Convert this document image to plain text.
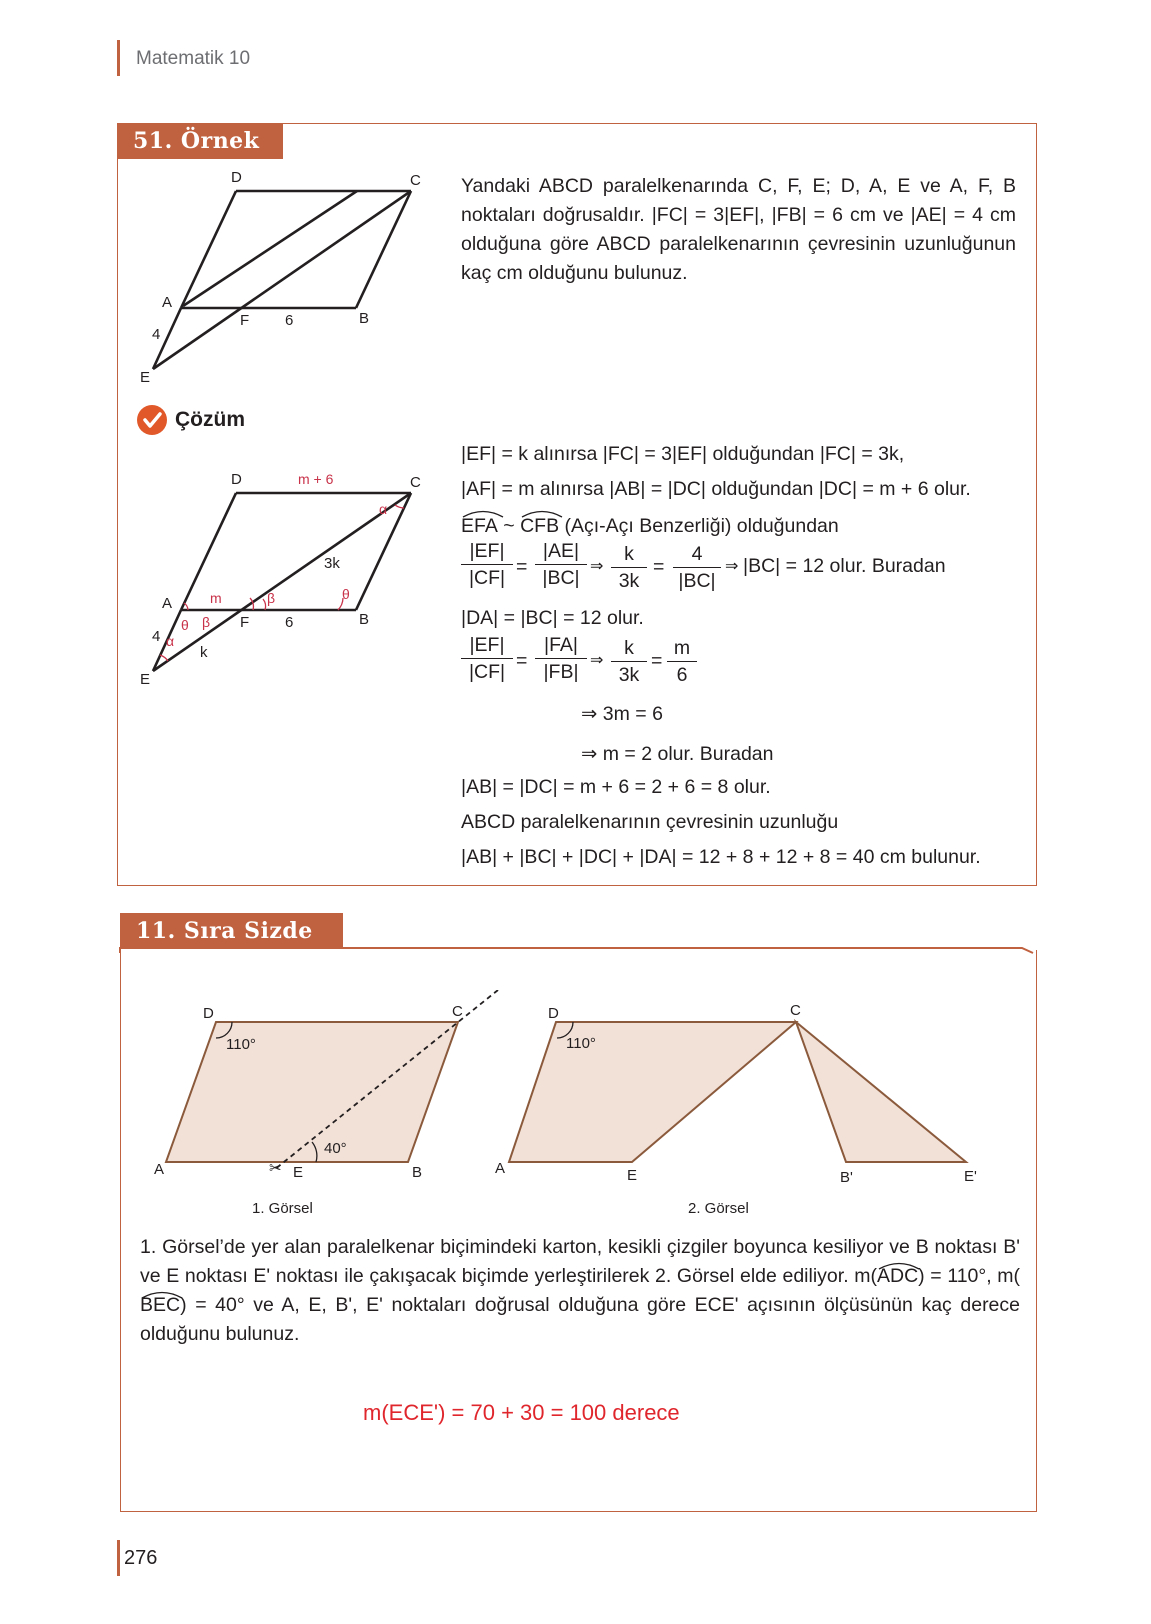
Matematik 10
51. Örnek
D	C
A
B
F 6
4
E
Yandaki ABCD paralelkenarında C, F, E; D, A, E ve A, F, B noktaları doğrusaldır. |FC| = 3|EF|, |FB| = 6 cm ve |AE| = 4 cm olduğuna göre ABCD paralelkenarının çevresinin uzunluğunun kaç cm olduğunu bulunuz.
Çözüm
D	C
A
B
F 6
4
E
3k
k
m + 6
m
α
α
β
β
θ
θ
|EF| = k alınırsa |FC| = 3|EF| olduğundan |FC| = 3k,
|AF| = m alınırsa |AB| = |DC| olduğundan |DC| = m + 6 olur.
EFA ~ CFB (Açı-Açı Benzerliği) olduğundan
$\frac{|EF|}{|CF|} = \frac{|AE|}{|BC|}$ ⇒ $\frac{k}{3k} = \frac{4}{|BC|}$ ⇒ |BC| = 12 olur. Buradan
|DA| = |BC| = 12 olur.
$\frac{|EF|}{|CF|} = \frac{|FA|}{|FB|}$ ⇒ $\frac{k}{3k} = \frac{m}{6}$
⇒ 3m = 6
⇒ m = 2 olur. Buradan
|AB| = |DC| = m + 6 = 2 + 6 = 8 olur.
ABCD paralelkenarının çevresinin uzunluğu
|AB| + |BC| + |DC| + |DA| = 12 + 8 + 12 + 8 = 40 cm bulunur.
11. Sıra Sizde
✂
D	C
A	B
E
110°
40°
1. Görsel
D	C
A	E	B'	E'
110°
2. Görsel
1. Görsel’de yer alan paralelkenar biçimindeki karton, kesikli çizgiler boyunca kesiliyor ve B noktası B' ve E noktası E' noktası ile çakışacak biçimde yerleştirilerek 2. Görsel elde ediliyor. m(
ADC) = 110°, m(
BEC) = 40° ve A, E, B', E' noktaları doğrusal olduğuna göre ECE' açısının ölçüsünün kaç derece olduğunu bulunuz.
m(ECE') = 70 + 30 = 100 derece
276
